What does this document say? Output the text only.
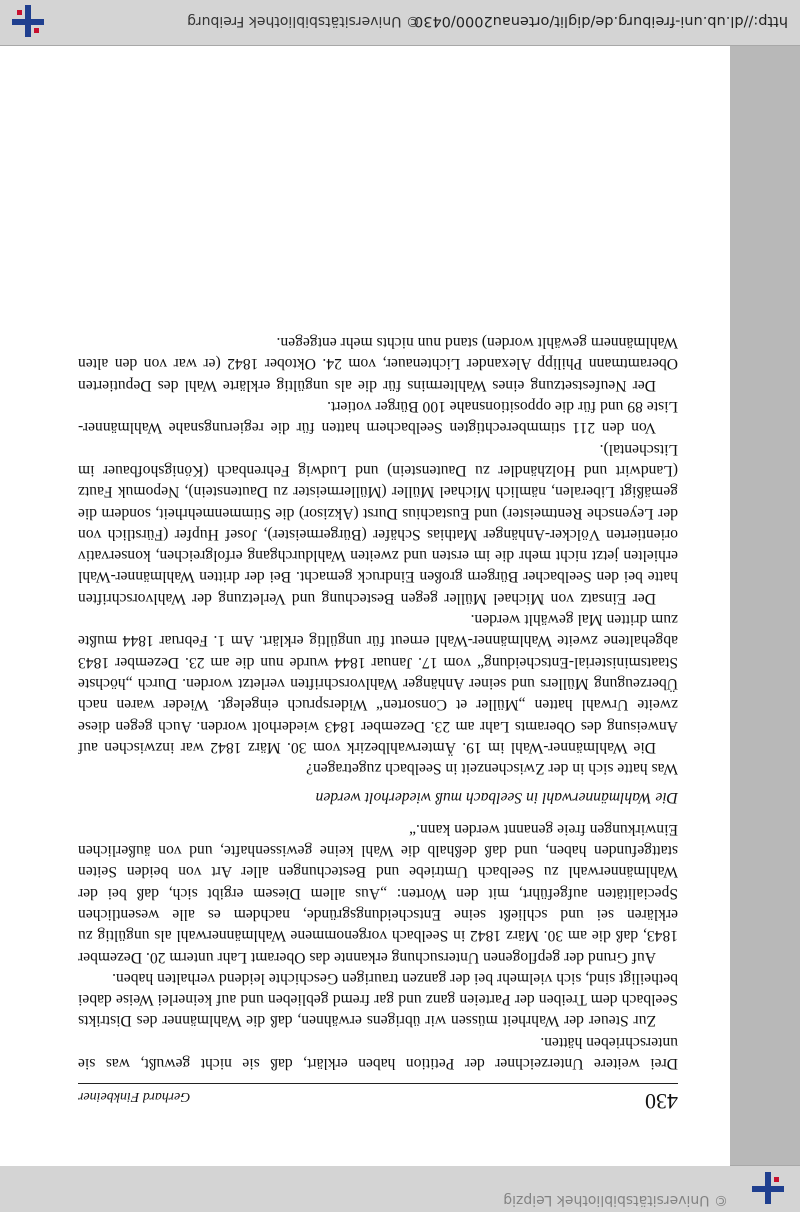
© Universitätsbibliothek Leipzig
430
Gerhard Finkbeiner

Drei weitere Unterzeichner der Petition haben erklärt, daß sie nicht gewußt, was sie unterschrieben hätten.

Zur Steuer der Wahrheit müssen wir übrigens erwähnen, daß die Wahlmänner des Distrikts Seelbach dem Treiben der Parteien ganz und gar fremd geblieben und auf keinerlei Weise dabei betheiligt sind, sich vielmehr bei der ganzen traurigen Geschichte leidend verhalten haben.

Auf Grund der gepflogenen Untersuchung erkannte das Oberamt Lahr unterm 20. Dezember 1843, daß die am 30. März 1842 in Seelbach vorgenommene Wahlmännerwahl als ungültig zu erklären sei und schließt seine Entscheidungsgründe, nachdem es alle wesentlichen Specialitäten aufgeführt, mit den Worten: „Aus allem Diesem ergibt sich, daß bei der Wahlmännerwahl zu Seelbach Umtriebe und Bestechungen aller Art von beiden Seiten stattgefunden haben, und daß deßhalb die Wahl keine gewissenhafte, und von äußerlichen Einwirkungen freie genannt werden kann.“

Die Wahlmännerwahl in Seelbach muß wiederholt werden

Was hatte sich in der Zwischenzeit in Seelbach zugetragen?

Die Wahlmänner-Wahl im 19. Ämterwahlbezirk vom 30. März 1842 war inzwischen auf Anweisung des Oberamts Lahr am 23. Dezember 1843 wiederholt worden. Auch gegen diese zweite Urwahl hatten „Müller et Consorten“ Widerspruch eingelegt. Wieder waren nach Überzeugung Müllers und seiner Anhänger Wahlvorschriften verletzt worden. Durch „höchste Staatsministerial-Entscheidung“ vom 17. Januar 1844 wurde nun die am 23. Dezember 1843 abgehaltene zweite Wahlmänner-Wahl erneut für ungültig erklärt. Am 1. Februar 1844 mußte zum dritten Mal gewählt werden.

Der Einsatz von Michael Müller gegen Bestechung und Verletzung der Wahlvorschriften hatte bei den Seelbacher Bürgern großen Eindruck gemacht. Bei der dritten Wahlmänner-Wahl erhielten jetzt nicht mehr die im ersten und zweiten Wahldurchgang erfolgreichen, konservativ orientierten Völcker-Anhänger Mathias Schäfer (Bürgermeister), Josef Hupfer (Fürstlich von der Leyensche Rentmeister) und Eustachius Durst (Akzisor) die Stimmenmehrheit, sondern die gemäßigt Liberalen, nämlich Michael Müller (Müllermeister zu Dautenstein), Nepomuk Fautz (Landwirt und Holzhändler zu Dautenstein) und Ludwig Fehrenbach (Königshofbauer im Litschental).

Von den 211 stimmberechtigten Seelbachern hatten für die regierungsnahe Wahlmänner-Liste 89 und für die oppositionsnahe 100 Bürger votiert.

Der Neufestsetzung eines Wahltermins für die als ungültig erklärte Wahl des Deputierten Oberamtmann Philipp Alexander Lichtenauer, vom 24. Oktober 1842 (er war von den alten Wahlmännern gewählt worden) stand nun nichts mehr entgegen.

http://dl.ub.uni-freiburg.de/diglit/ortenau2000/0430
© Universitätsbibliothek Freiburg
